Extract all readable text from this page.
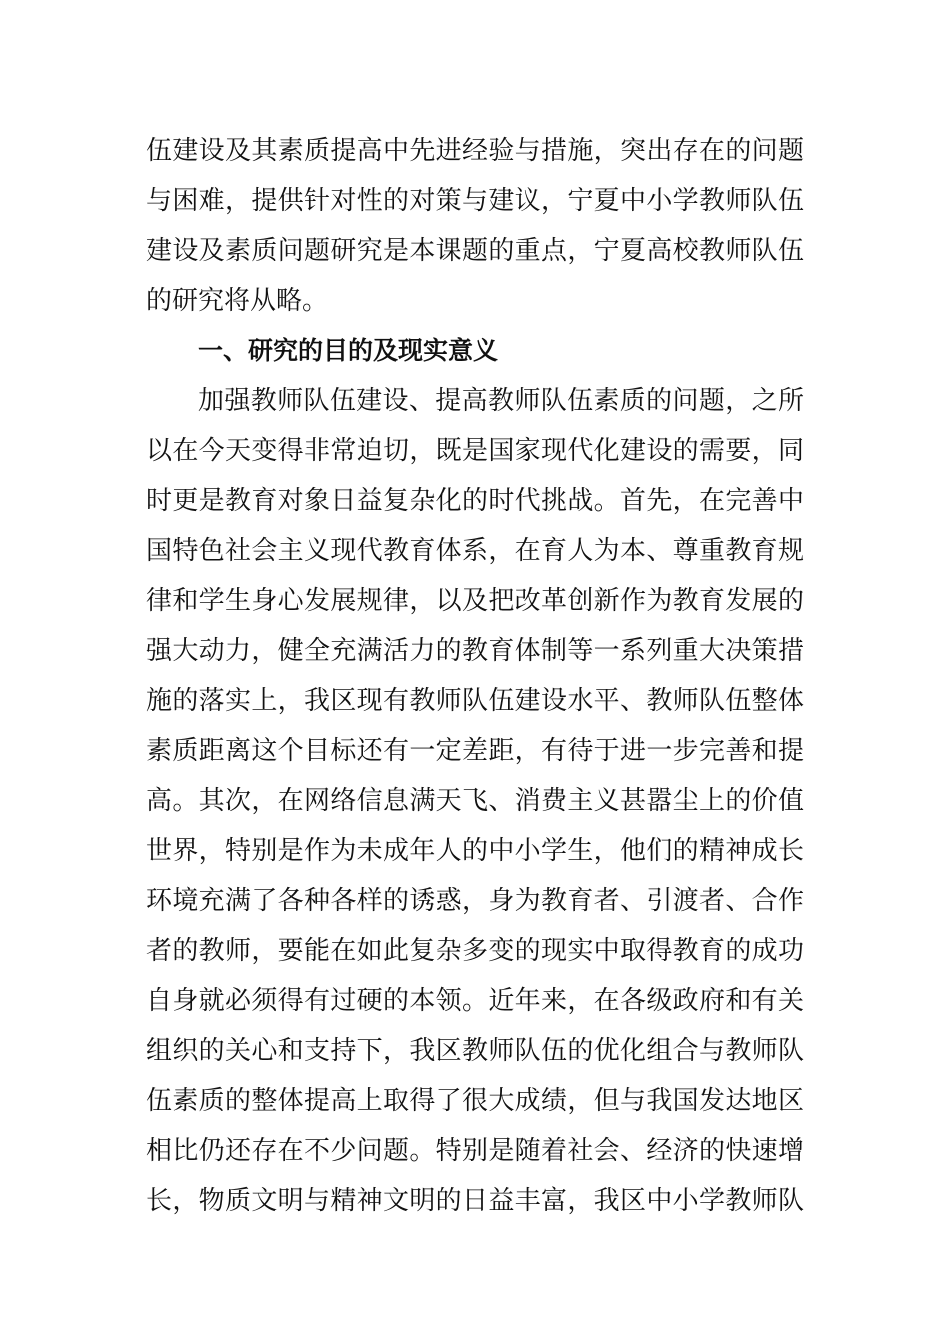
伍建设及其素质提高中先进经验与措施，突出存在的问题
与困难，提供针对性的对策与建议，宁夏中小学教师队伍
建设及素质问题研究是本课题的重点，宁夏高校教师队伍
的研究将从略。
一、研究的目的及现实意义
加强教师队伍建设、提高教师队伍素质的问题，之所
以在今天变得非常迫切，既是国家现代化建设的需要，同
时更是教育对象日益复杂化的时代挑战。首先，在完善中
国特色社会主义现代教育体系，在育人为本、尊重教育规
律和学生身心发展规律，以及把改革创新作为教育发展的
强大动力，健全充满活力的教育体制等一系列重大决策措
施的落实上，我区现有教师队伍建设水平、教师队伍整体
素质距离这个目标还有一定差距，有待于进一步完善和提
高。其次，在网络信息满天飞、消费主义甚嚣尘上的价值
世界，特别是作为未成年人的中小学生，他们的精神成长
环境充满了各种各样的诱惑，身为教育者、引渡者、合作
者的教师，要能在如此复杂多变的现实中取得教育的成功
自身就必须得有过硬的本领。近年来，在各级政府和有关
组织的关心和支持下，我区教师队伍的优化组合与教师队
伍素质的整体提高上取得了很大成绩，但与我国发达地区
相比仍还存在不少问题。特别是随着社会、经济的快速增
长，物质文明与精神文明的日益丰富，我区中小学教师队
